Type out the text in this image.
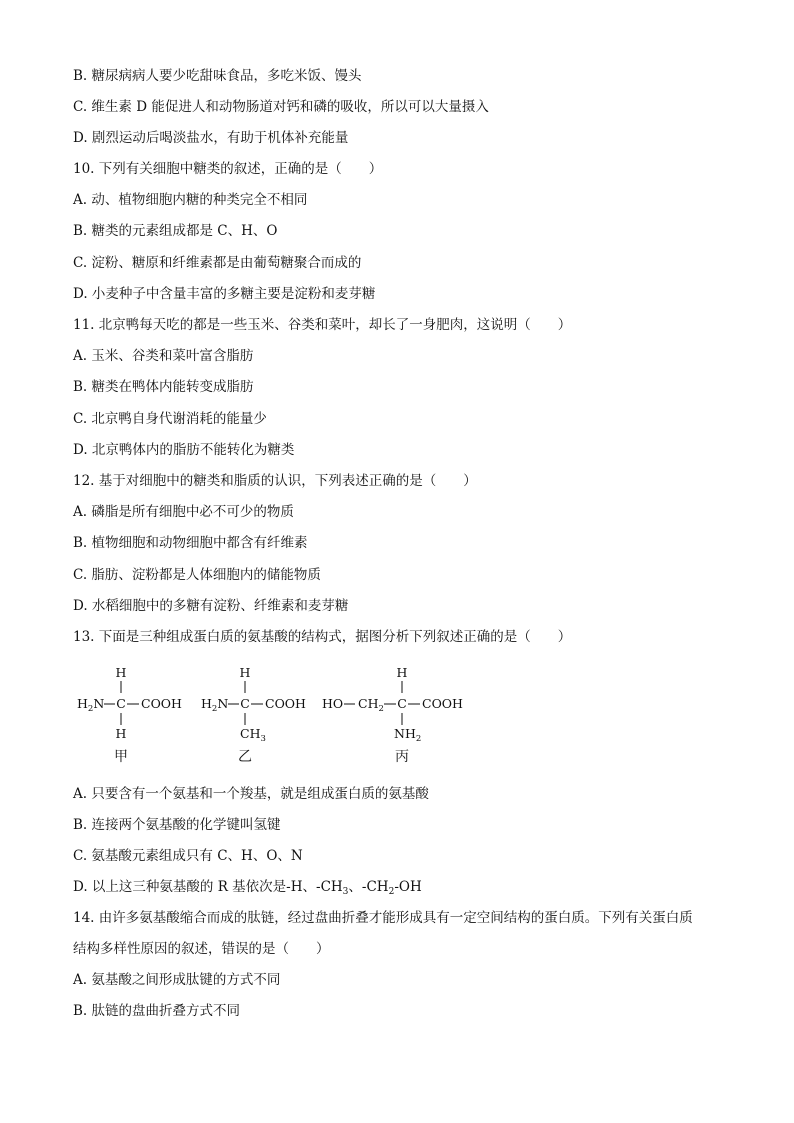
B. 糖尿病病人要少吃甜味食品，多吃米饭、馒头
C. 维生素 D 能促进人和动物肠道对钙和磷的吸收，所以可以大量摄入
D. 剧烈运动后喝淡盐水，有助于机体补充能量
10. 下列有关细胞中糖类的叙述，正确的是（　　）
A. 动、植物细胞内糖的种类完全不相同
B. 糖类的元素组成都是 C、H、O
C. 淀粉、糖原和纤维素都是由葡萄糖聚合而成的
D. 小麦种子中含量丰富的多糖主要是淀粉和麦芽糖
11. 北京鸭每天吃的都是一些玉米、谷类和菜叶，却长了一身肥肉，这说明（　　）
A. 玉米、谷类和菜叶富含脂肪
B. 糖类在鸭体内能转变成脂肪
C. 北京鸭自身代谢消耗的能量少
D. 北京鸭体内的脂肪不能转化为糖类
12. 基于对细胞中的糖类和脂质的认识，下列表述正确的是（　　）
A. 磷脂是所有细胞中必不可少的物质
B. 植物细胞和动物细胞中都含有纤维素
C. 脂肪、淀粉都是人体细胞内的储能物质
D. 水稻细胞中的多糖有淀粉、纤维素和麦芽糖
13. 下面是三种组成蛋白质的氨基酸的结构式，据图分析下列叙述正确的是（　　）
H
$H_2N$ C COOH
H
甲
H
$H_2N$ C COOH
$CH_3$
乙
H
HO $CH_2$ C COOH
$NH_2$
丙
A. 只要含有一个氨基和一个羧基，就是组成蛋白质的氨基酸
B. 连接两个氨基酸的化学键叫氢键
C. 氨基酸元素组成只有 C、H、O、N
D. 以上这三种氨基酸的 R 基依次是-H、$-CH_3$、$-CH_2-OH$
14. 由许多氨基酸缩合而成的肽链，经过盘曲折叠才能形成具有一定空间结构的蛋白质。下列有关蛋白质
结构多样性原因的叙述，错误的是（　　）
A. 氨基酸之间形成肽键的方式不同
B. 肽链的盘曲折叠方式不同
